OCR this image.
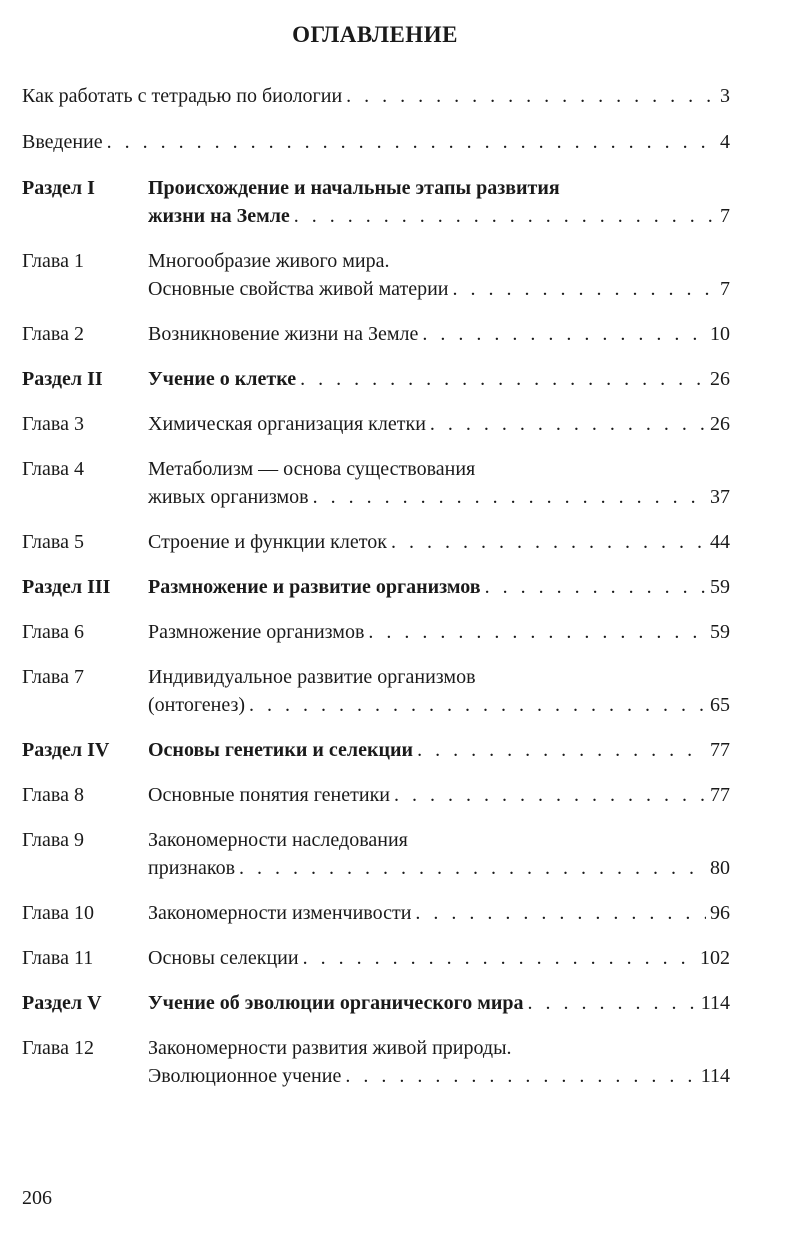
ОГЛАВЛЕНИЕ
Как работать с тетрадью по биологии . . .	3
Введение . . .	4
Раздел I	Происхождение и начальные этапы развития
жизни на Земле . . .	7
Глава 1	Многообразие живого мира.
Основные свойства живой материи . . .	7
Глава 2	Возникновение жизни на Земле . . .	10
Раздел II	Учение о клетке . . .	26
Глава 3	Химическая организация клетки . . .	26
Глава 4	Метаболизм — основа существования
живых организмов . . .	37
Глава 5	Строение и функции клеток . . .	44
Раздел III	Размножение и развитие организмов . . .	59
Глава 6	Размножение организмов . . .	59
Глава 7	Индивидуальное развитие организмов
(онтогенез) . . .	65
Раздел IV	Основы генетики и селекции . . .	77
Глава 8	Основные понятия генетики . . .	77
Глава 9	Закономерности наследования
признаков . . .	80
Глава 10	Закономерности изменчивости . . .	96
Глава 11	Основы селекции . . .	102
Раздел V	Учение об эволюции органического мира . . .	114
Глава 12	Закономерности развития живой природы.
Эволюционное учение . . .	114
206
